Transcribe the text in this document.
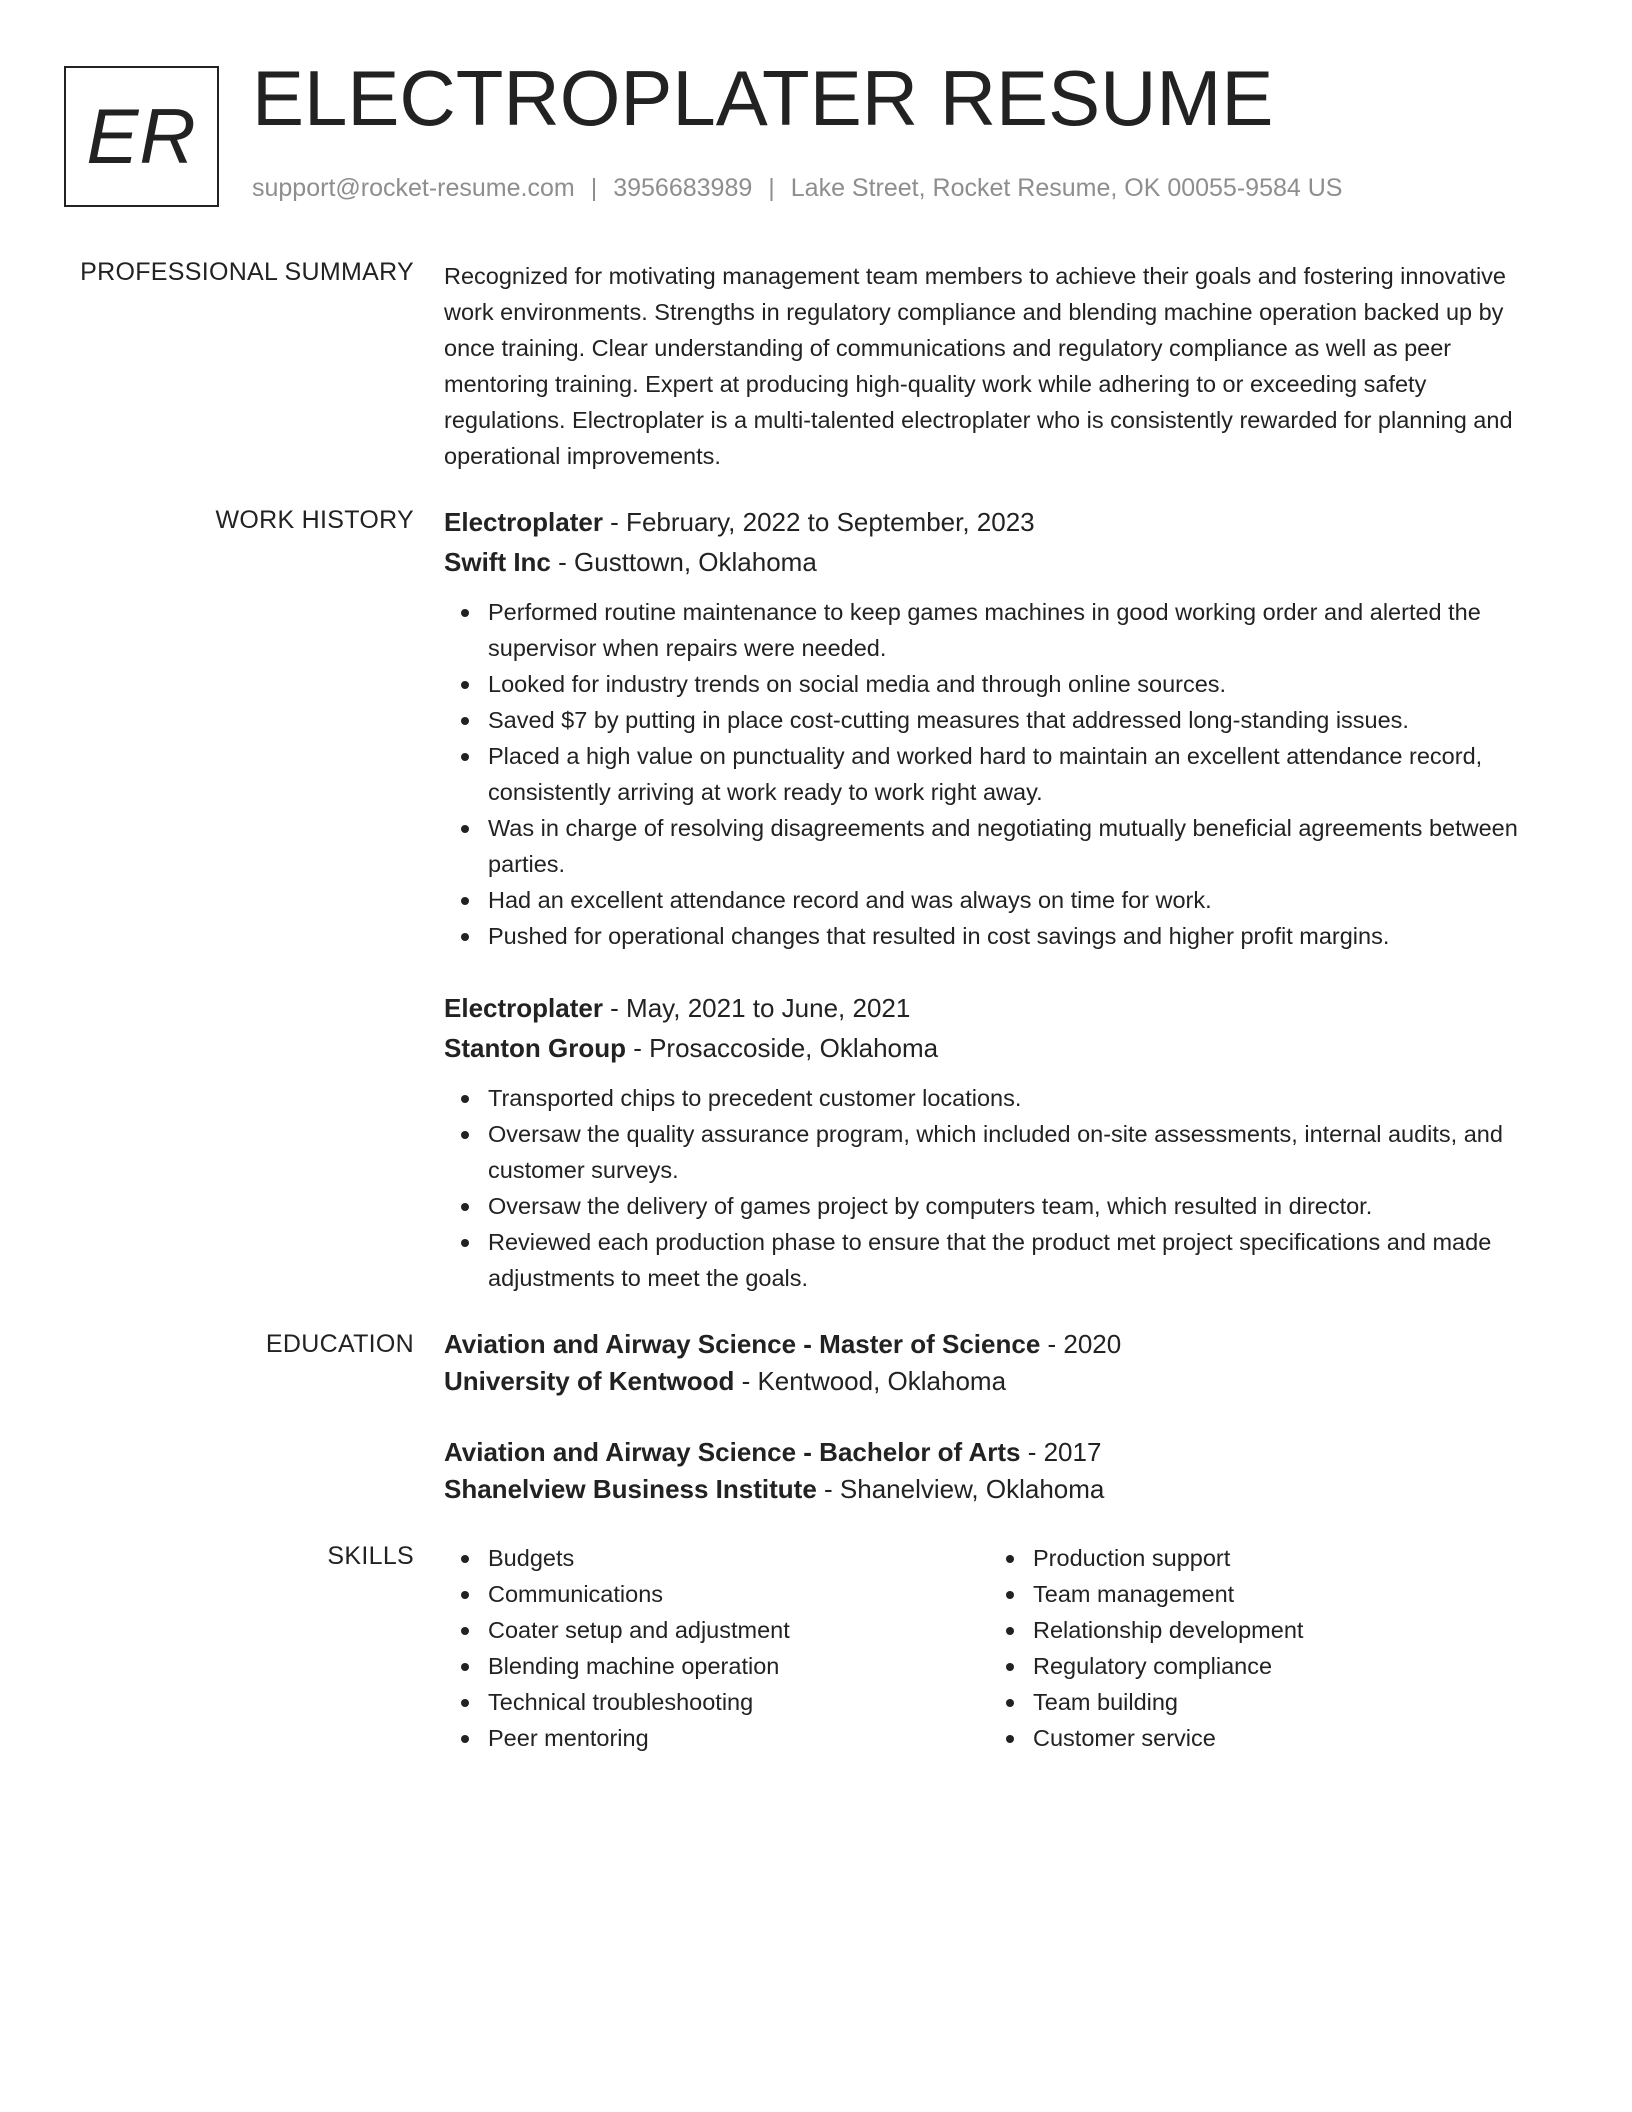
ER ELECTROPLATER RESUME
support@rocket-resume.com | 3956683989 | Lake Street, Rocket Resume, OK 00055-9584 US
PROFESSIONAL SUMMARY Recognized for motivating management team members to achieve their goals and fostering innovative work environments. Strengths in regulatory compliance and blending machine operation backed up by once training. Clear understanding of communications and regulatory compliance as well as peer mentoring training. Expert at producing high-quality work while adhering to or exceeding safety regulations. Electroplater is a multi-talented electroplater who is consistently rewarded for planning and operational improvements.

WORK HISTORY Electroplater - February, 2022 to September, 2023
Swift Inc - Gusttown, Oklahoma
Performed routine maintenance to keep games machines in good working order and alerted the supervisor when repairs were needed.
Looked for industry trends on social media and through online sources.
Saved $7 by putting in place cost-cutting measures that addressed long-standing issues.
Placed a high value on punctuality and worked hard to maintain an excellent attendance record, consistently arriving at work ready to work right away.
Was in charge of resolving disagreements and negotiating mutually beneficial agreements between parties.
Had an excellent attendance record and was always on time for work.
Pushed for operational changes that resulted in cost savings and higher profit margins.
Electroplater - May, 2021 to June, 2021
Stanton Group - Prosaccoside, Oklahoma
Transported chips to precedent customer locations.
Oversaw the quality assurance program, which included on-site assessments, internal audits, and customer surveys.
Oversaw the delivery of games project by computers team, which resulted in director.
Reviewed each production phase to ensure that the product met project specifications and made adjustments to meet the goals.
EDUCATION Aviation and Airway Science - Master of Science - 2020
University of Kentwood - Kentwood, Oklahoma
Aviation and Airway Science - Bachelor of Arts - 2017
Shanelview Business Institute - Shanelview, Oklahoma
SKILLS	Budgets
Communications
Coater setup and adjustment
Blending machine operation
Technical troubleshooting
Peer mentoring
Production support
Team management
Relationship development
Regulatory compliance
Team building
Customer service
